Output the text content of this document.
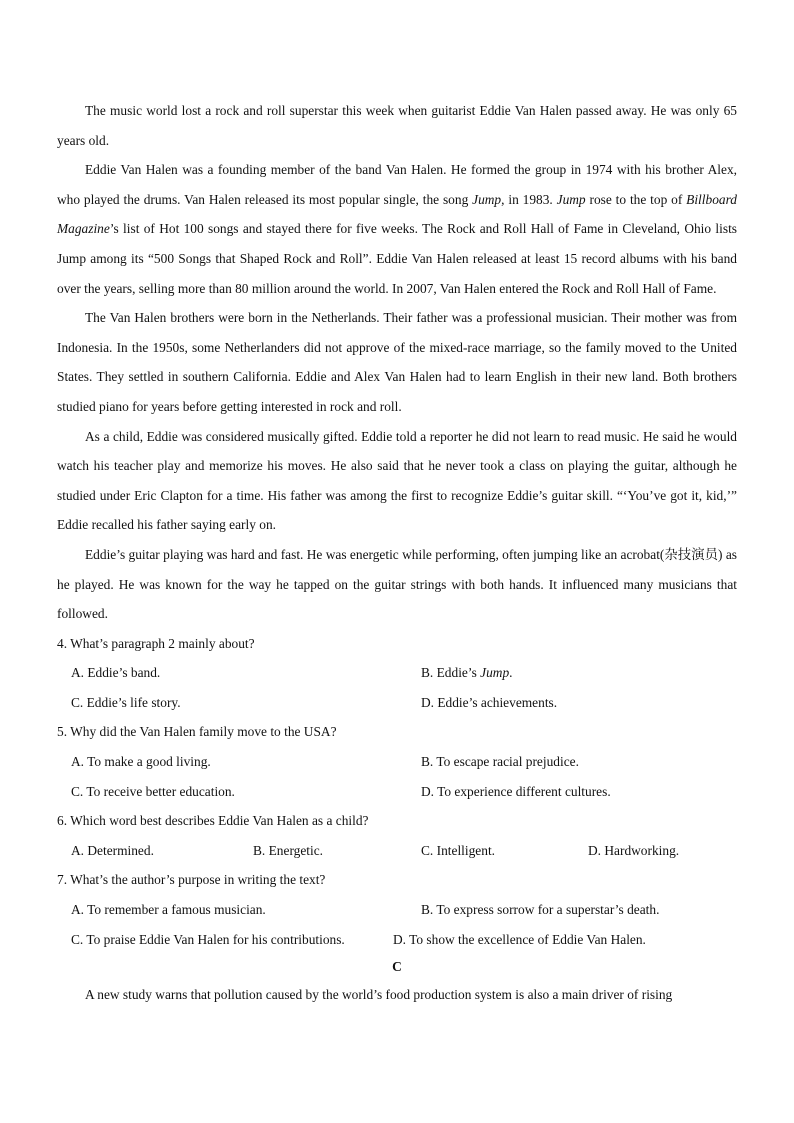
The music world lost a rock and roll superstar this week when guitarist Eddie Van Halen passed away. He was only 65 years old.

Eddie Van Halen was a founding member of the band Van Halen. He formed the group in 1974 with his brother Alex, who played the drums. Van Halen released its most popular single, the song Jump, in 1983. Jump rose to the top of Billboard Magazine’s list of Hot 100 songs and stayed there for five weeks. The Rock and Roll Hall of Fame in Cleveland, Ohio lists Jump among its “500 Songs that Shaped Rock and Roll”. Eddie Van Halen released at least 15 record albums with his band over the years, selling more than 80 million around the world. In 2007, Van Halen entered the Rock and Roll Hall of Fame.

The Van Halen brothers were born in the Netherlands. Their father was a professional musician. Their mother was from Indonesia. In the 1950s, some Netherlanders did not approve of the mixed-race marriage, so the family moved to the United States. They settled in southern California. Eddie and Alex Van Halen had to learn English in their new land. Both brothers studied piano for years before getting interested in rock and roll.

As a child, Eddie was considered musically gifted. Eddie told a reporter he did not learn to read music. He said he would watch his teacher play and memorize his moves. He also said that he never took a class on playing the guitar, although he studied under Eric Clapton for a time. His father was among the first to recognize Eddie’s guitar skill. “‘You’ve got it, kid,’” Eddie recalled his father saying early on.

Eddie’s guitar playing was hard and fast. He was energetic while performing, often jumping like an acrobat(杂技演员) as he played. He was known for the way he tapped on the guitar strings with both hands. It influenced many musicians that followed.

4. What’s paragraph 2 mainly about?

A. Eddie’s band.	B. Eddie’s Jump.
C. Eddie’s life story.	D. Eddie’s achievements.

5. Why did the Van Halen family move to the USA?

A. To make a good living.	B. To escape racial prejudice.
C. To receive better education.	D. To experience different cultures.

6. Which word best describes Eddie Van Halen as a child?

A. Determined.	B. Energetic.	C. Intelligent.	D. Hardworking.

7. What’s the author’s purpose in writing the text?

A. To remember a famous musician.	B. To express sorrow for a superstar’s death.
C. To praise Eddie Van Halen for his contributions.	D. To show the excellence of Eddie Van Halen.

C

A new study warns that pollution caused by the world’s food production system is also a main driver of rising
